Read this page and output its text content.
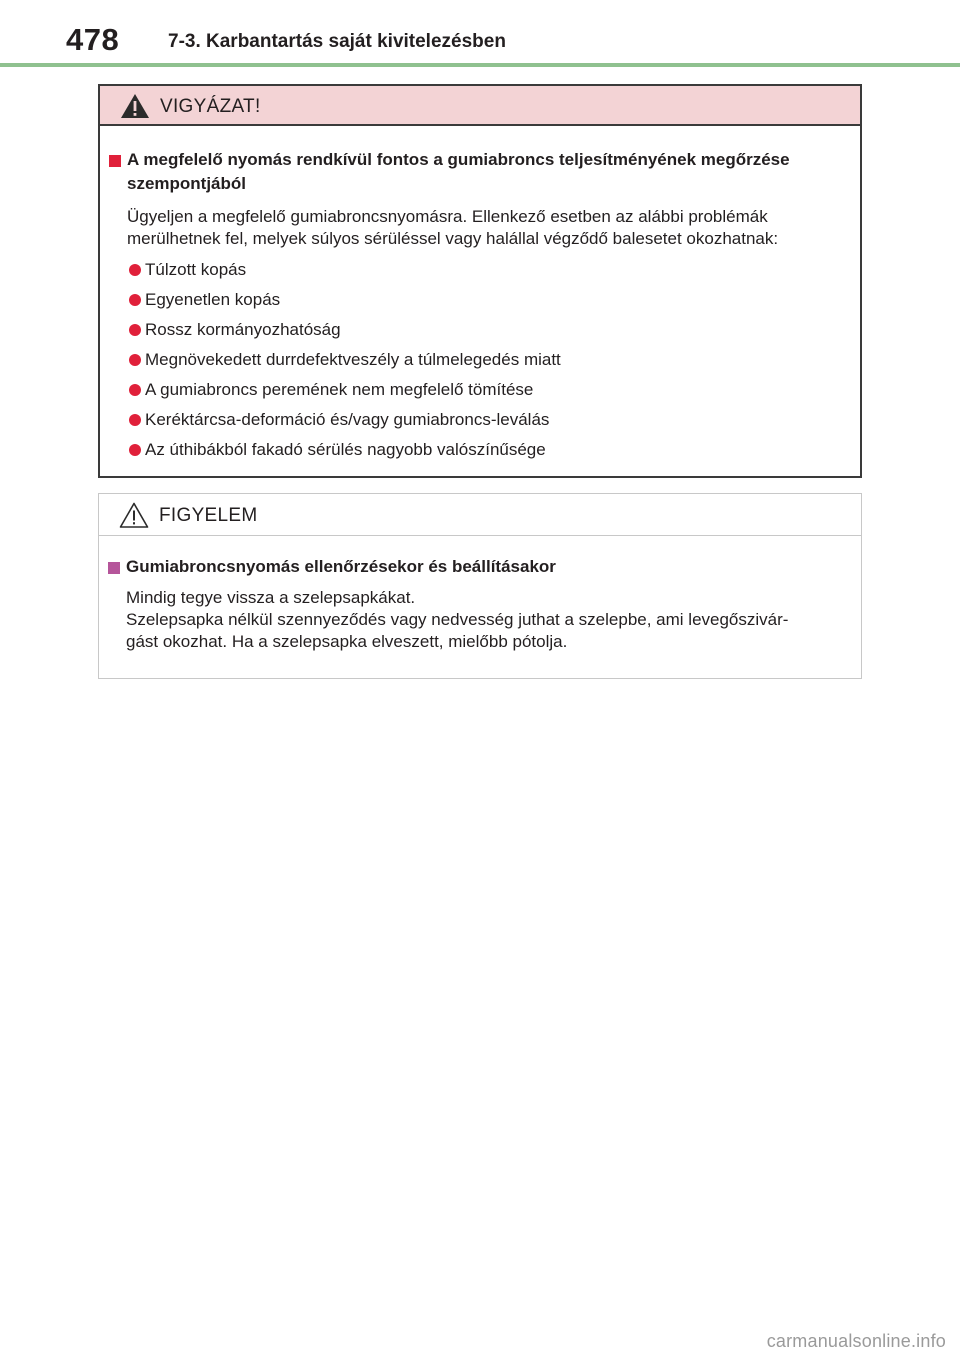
478	7-3. Karbantartás saját kivitelezésben
VIGYÁZAT!
A megfelelő nyomás rendkívül fontos a gumiabroncs teljesítményének megőrzése szempontjából
Ügyeljen a megfelelő gumiabroncsnyomásra. Ellenkező esetben az alábbi problémák merülhetnek fel, melyek súlyos sérüléssel vagy halállal végződő balesetet okozhatnak:
Túlzott kopás
Egyenetlen kopás
Rossz kormányozhatóság
Megnövekedett durrdefektveszély a túlmelegedés miatt
A gumiabroncs peremének nem megfelelő tömítése
Keréktárcsa-deformáció és/vagy gumiabroncs-leválás
Az úthibákból fakadó sérülés nagyobb valószínűsége
FIGYELEM
Gumiabroncsnyomás ellenőrzésekor és beállításakor
Mindig tegye vissza a szelepsapkákat.
Szelepsapka nélkül szennyeződés vagy nedvesség juthat a szelepbe, ami levegőszivár-
gást okozhat. Ha a szelepsapka elveszett, mielőbb pótolja.
carmanualsonline.info
